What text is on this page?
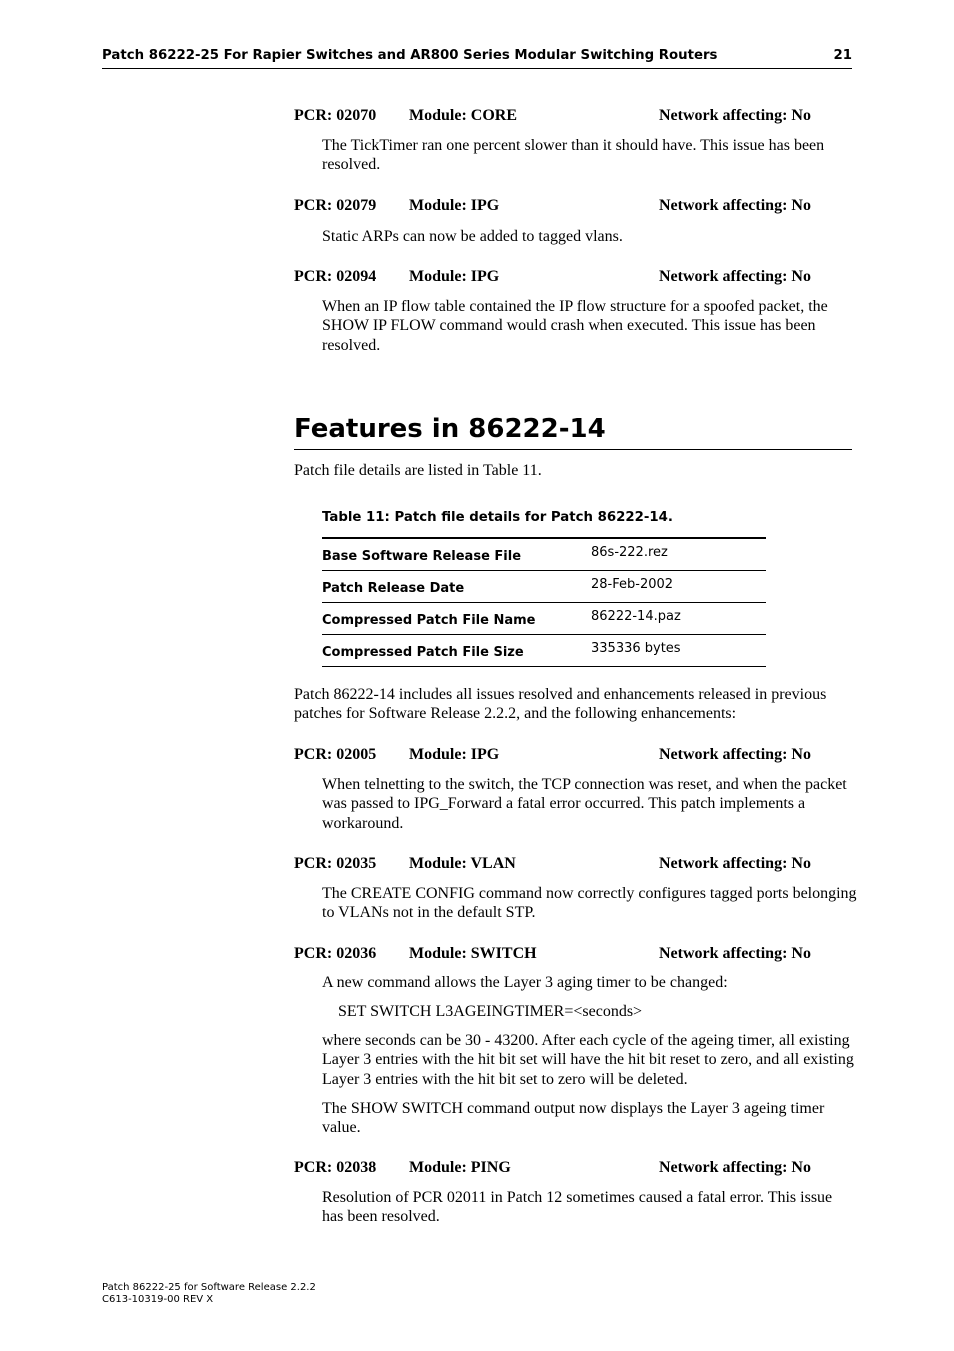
Patch 86222-25 For Rapier Switches and AR800 Series Modular Switching Routers	21
PCR: 02070 Module: CORE	Network affecting: No

The TickTimer ran one percent slower than it should have. This issue has been resolved.

PCR: 02079 Module: IPG	Network affecting: No

Static ARPs can now be added to tagged vlans.

PCR: 02094 Module: IPG	Network affecting: No

When an IP flow table contained the IP flow structure for a spoofed packet, the SHOW IP FLOW command would crash when executed. This issue has been resolved.

Features in 86222-14

Patch file details are listed in Table 11.

Table 11: Patch file details for Patch 86222-14.

Base Software Release File	86s-222.rez
Patch Release Date	28-Feb-2002
Compressed Patch File Name	86222-14.paz
Compressed Patch File Size	335336 bytes

Patch 86222-14 includes all issues resolved and enhancements released in previous patches for Software Release 2.2.2, and the following enhancements:

PCR: 02005 Module: IPG	Network affecting: No

When telnetting to the switch, the TCP connection was reset, and when the packet was passed to IPG_Forward a fatal error occurred. This patch implements a workaround.

PCR: 02035 Module: VLAN	Network affecting: No

The CREATE CONFIG command now correctly configures tagged ports belonging to VLANs not in the default STP.

PCR: 02036 Module: SWITCH	Network affecting: No

A new command allows the Layer 3 aging timer to be changed:

SET SWITCH L3AGEINGTIMER=<seconds>

where seconds can be 30 - 43200. After each cycle of the ageing timer, all existing Layer 3 entries with the hit bit set will have the hit bit reset to zero, and all existing Layer 3 entries with the hit bit set to zero will be deleted.

The SHOW SWITCH command output now displays the Layer 3 ageing timer value.

PCR: 02038 Module: PING	Network affecting: No

Resolution of PCR 02011 in Patch 12 sometimes caused a fatal error. This issue has been resolved.

Patch 86222-25 for Software Release 2.2.2
C613-10319-00 REV X
